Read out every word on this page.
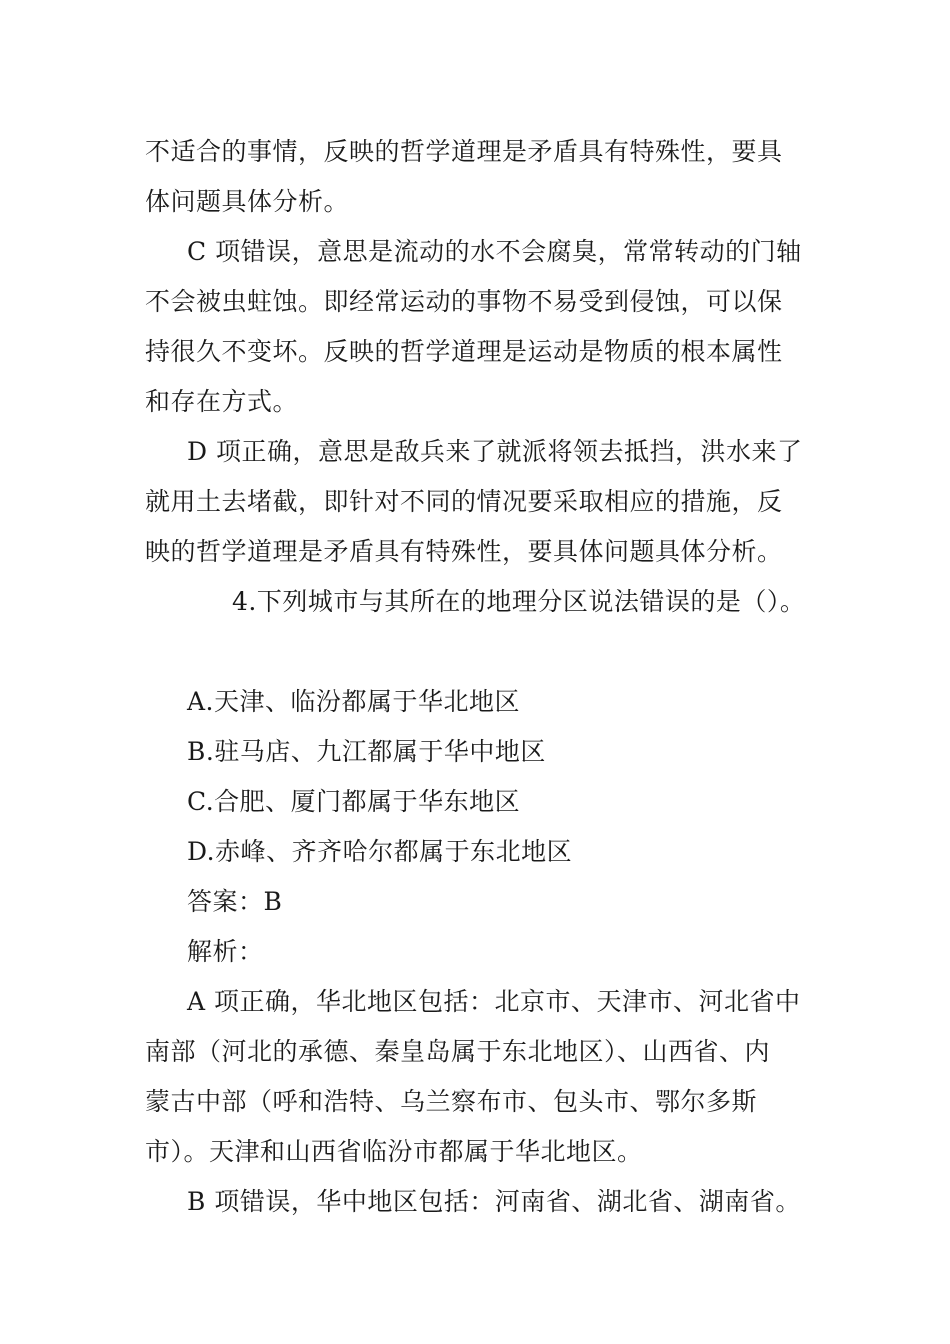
不适合的事情，反映的哲学道理是矛盾具有特殊性，要具
体问题具体分析。
C 项错误，意思是流动的水不会腐臭，常常转动的门轴
不会被虫蛀蚀。即经常运动的事物不易受到侵蚀，可以保
持很久不变坏。反映的哲学道理是运动是物质的根本属性
和存在方式。
D 项正确，意思是敌兵来了就派将领去抵挡，洪水来了
就用土去堵截，即针对不同的情况要采取相应的措施，反
映的哲学道理是矛盾具有特殊性，要具体问题具体分析。
4.下列城市与其所在的地理分区说法错误的是（）。
A.天津、临汾都属于华北地区
B.驻马店、九江都属于华中地区
C.合肥、厦门都属于华东地区
D.赤峰、齐齐哈尔都属于东北地区
答案：B
解析：
A 项正确，华北地区包括：北京市、天津市、河北省中
南部（河北的承德、秦皇岛属于东北地区）、山西省、内
蒙古中部（呼和浩特、乌兰察布市、包头市、鄂尔多斯
市）。天津和山西省临汾市都属于华北地区。
B 项错误，华中地区包括：河南省、湖北省、湖南省。
